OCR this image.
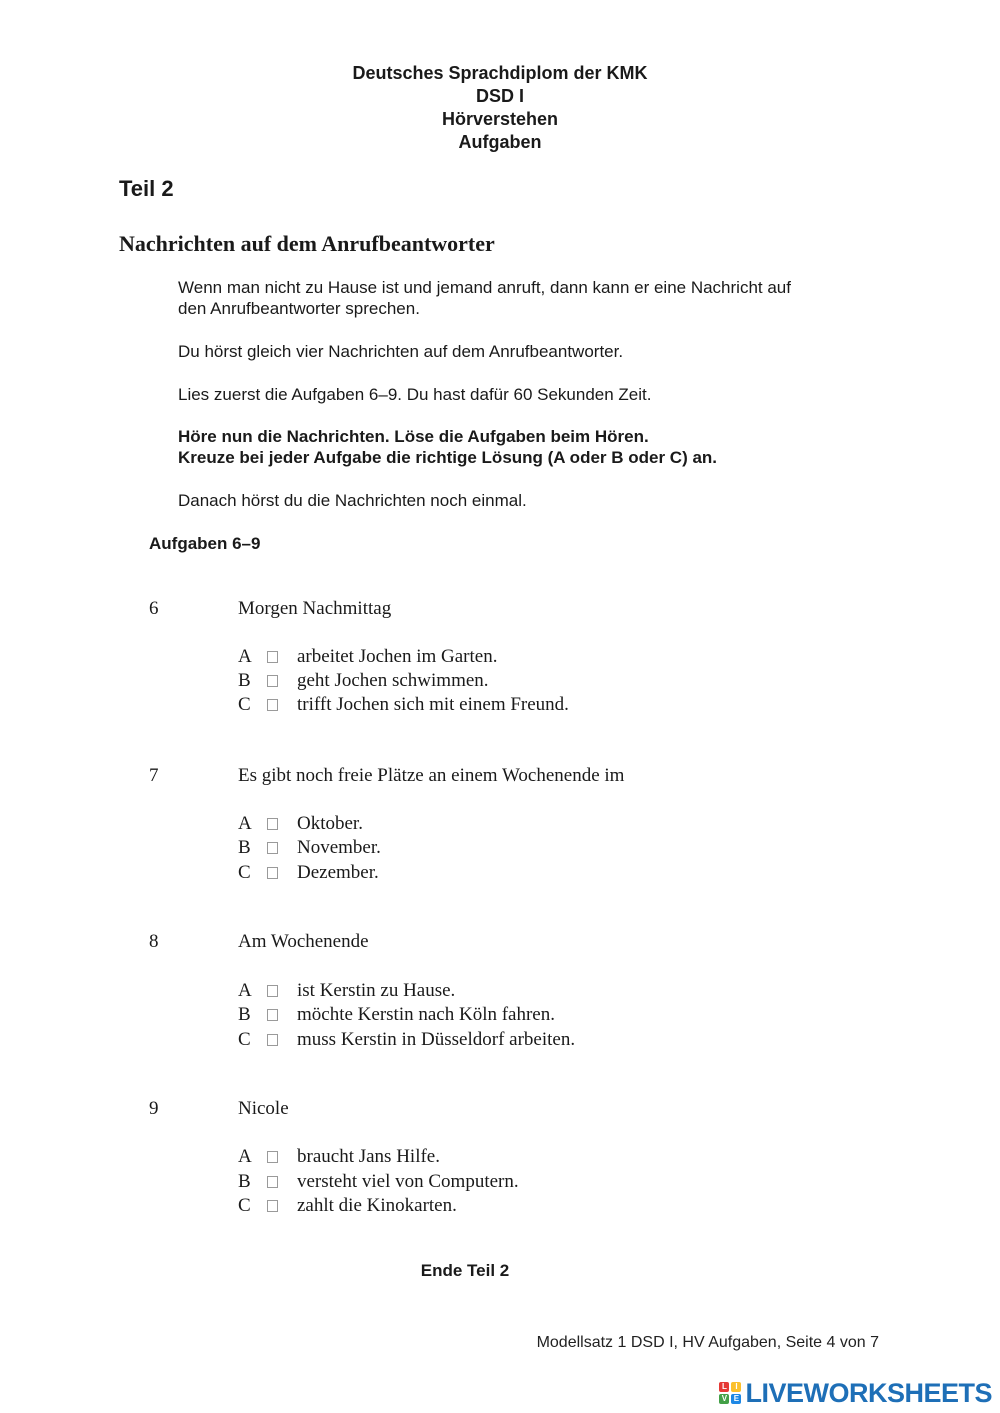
Deutsches Sprachdiplom der KMK
DSD I
Hörverstehen
Aufgaben
Teil 2
Nachrichten auf dem Anrufbeantworter
Wenn man nicht zu Hause ist und jemand anruft, dann kann er eine Nachricht auf
den Anrufbeantworter sprechen.
Du hörst gleich vier Nachrichten auf dem Anrufbeantworter.
Lies zuerst die Aufgaben 6–9. Du hast dafür 60 Sekunden Zeit.
Höre nun die Nachrichten. Löse die Aufgaben beim Hören.
Kreuze bei jeder Aufgabe die richtige Lösung (A oder B oder C) an.
Danach hörst du die Nachrichten noch einmal.
Aufgaben 6–9
6	Morgen Nachmittag
A arbeitet Jochen im Garten.
B geht Jochen schwimmen.
C trifft Jochen sich mit einem Freund.
7	Es gibt noch freie Plätze an einem Wochenende im
A Oktober.
B November.
C Dezember.
8	Am Wochenende
A ist Kerstin zu Hause.
B möchte Kerstin nach Köln fahren.
C muss Kerstin in Düsseldorf arbeiten.
9	Nicole
A braucht Jans Hilfe.
B versteht viel von Computern.
C zahlt die Kinokarten.
Ende Teil 2
Modellsatz 1 DSD I, HV Aufgaben, Seite 4 von 7
L	I
V E LIVEWORKSHEETS
